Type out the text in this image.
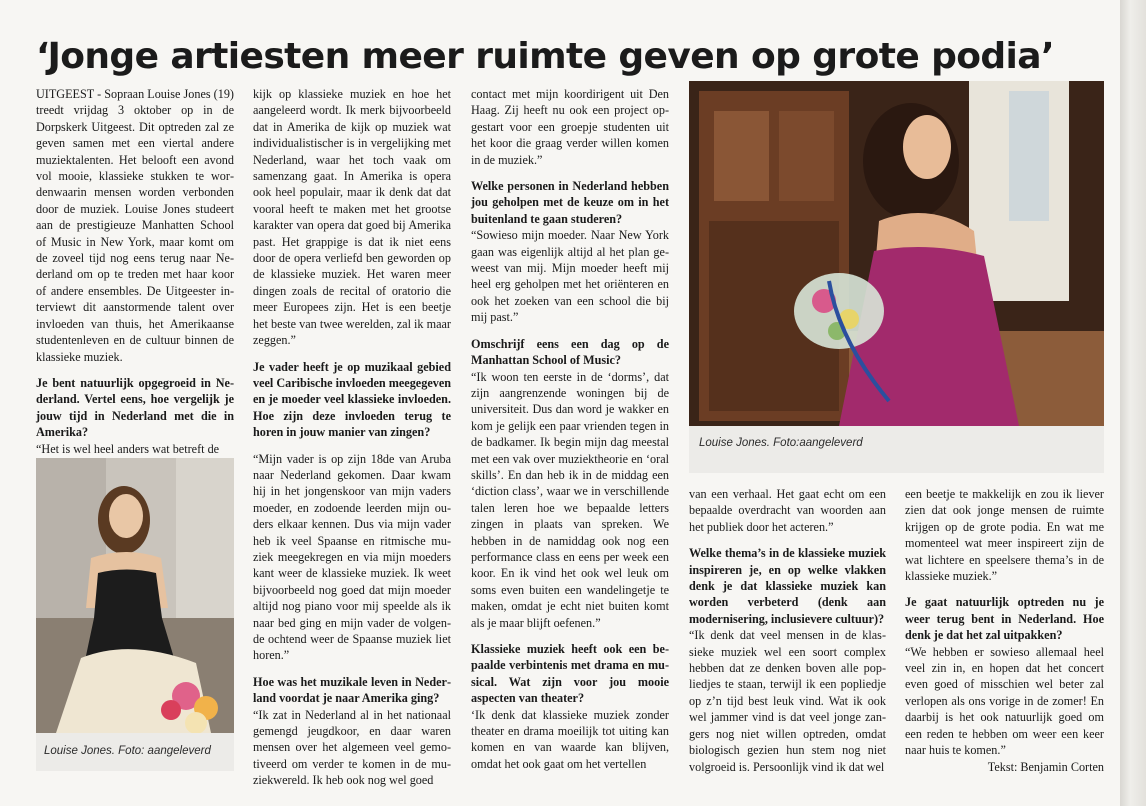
‘Jonge artiesten meer ruimte geven op grote podia’

UITGEEST - Sopraan Louise Jones (19) treedt vrijdag 3 oktober op in de Dorpskerk Uitgeest. Dit optreden zal ze geven samen met een viertal andere muziektalenten. Het belooft een avond vol mooie, klassieke stukken te wordenwaarin mensen worden verbonden door de muziek. Louise Jones studeert aan de prestigieuze Manhatten School of Music in New York, maar komt om de zoveel tijd nog eens terug naar Nederland om op te treden met haar koor of andere ensembles. De Uitgeester interviewt dit aanstormende talent over invloeden van thuis, het Amerikaanse studentenleven en de cultuur binnen de klassieke muziek.

Je bent natuurlijk opgegroeid in Nederland. Vertel eens, hoe vergelijk je jouw tijd in Nederland met die in Amerika?

“Het is wel heel anders wat betreft de

Louise Jones. Foto: aangeleverd

kijk op klassieke muziek en hoe het aangeleerd wordt. Ik merk bijvoorbeeld dat in Amerika de kijk op muziek wat individualistischer is in vergelijking met Nederland, waar het toch vaak om samenzang gaat. In Amerika is opera ook heel populair, maar ik denk dat dat vooral heeft te maken met het grootse karakter van opera dat goed bij Amerika past. Het grappige is dat ik niet eens door de opera verliefd ben geworden op de klassieke muziek. Het waren meer dingen zoals de recital of oratorio die meer Europees zijn. Het is een beetje het beste van twee werelden, zal ik maar zeggen.”

Je vader heeft je op muzikaal gebied veel Caribische invloeden meegegeven en je moeder veel klassieke invloeden. Hoe zijn deze invloeden terug te horen in jouw manier van zingen?

“Mijn vader is op zijn 18de van Aruba naar Nederland gekomen. Daar kwam hij in het jongenskoor van mijn vaders moeder, en zodoende leerden mijn ouders elkaar kennen. Dus via mijn vader heb ik veel Spaanse en ritmische muziek meegekregen en via mijn moeders kant weer de klassieke muziek. Ik weet bijvoorbeeld nog goed dat mijn moeder altijd nog piano voor mij speelde als ik naar bed ging en mijn vader de volgende ochtend weer de Spaanse muziek liet horen.”

Hoe was het muzikale leven in Nederland voordat je naar Amerika ging?

“Ik zat in Nederland al in het nationaal gemengd jeugdkoor, en daar waren mensen over het algemeen veel gemotiveerd om verder te komen in de muziekwereld. Ik heb ook nog wel goed

contact met mijn koordirigent uit Den Haag. Zij heeft nu ook een project opgestart voor een groepje studenten uit het koor die graag verder willen komen in de muziek.”

Welke personen in Nederland hebben jou geholpen met de keuze om in het buitenland te gaan studeren?

“Sowieso mijn moeder. Naar New York gaan was eigenlijk altijd al het plan geweest van mij. Mijn moeder heeft mij heel erg geholpen met het oriënteren en ook het zoeken van een school die bij mij past.”

Omschrijf eens een dag op de Manhattan School of Music?

“Ik woon ten eerste in de ‘dorms’, dat zijn aangrenzende woningen bij de universiteit. Dus dan word je wakker en kom je gelijk een paar vrienden tegen in de badkamer. Ik begin mijn dag meestal met een vak over muziektheorie en ‘oral skills’. En dan heb ik in de middag een ‘diction class’, waar we in verschillende talen leren hoe we bepaalde letters zingen in plaats van spreken. We hebben in de namiddag ook nog een performance class en eens per week een koor. En ik vind het ook wel leuk om soms even buiten een wandelingetje te maken, omdat je echt niet buiten komt als je maar blijft oefenen.”

Klassieke muziek heeft ook een bepaalde verbintenis met drama en musical. Wat zijn voor jou mooie aspecten van theater?

‘Ik denk dat klassieke muziek zonder theater en drama moeilijk tot uiting kan komen en van waarde kan blijven, omdat het ook gaat om het vertellen

Louise Jones. Foto:aangeleverd

van een verhaal. Het gaat echt om een bepaalde overdracht van woorden aan het publiek door het acteren.”

Welke thema’s in de klassieke muziek inspireren je, en op welke vlakken denk je dat klassieke muziek kan worden verbeterd (denk aan modernisering, inclusievere cultuur)?

“Ik denk dat veel mensen in de klassieke muziek wel een soort complex hebben dat ze denken boven alle popliedjes te staan, terwijl ik een popliedje op z’n tijd best leuk vind. Wat ik ook wel jammer vind is dat veel jonge zangers nog niet willen optreden, omdat biologisch gezien hun stem nog niet volgroeid is. Persoonlijk vind ik dat wel

een beetje te makkelijk en zou ik liever zien dat ook jonge mensen de ruimte krijgen op de grote podia. En wat me momenteel wat meer inspireert zijn de wat lichtere en speelsere thema’s in de klassieke muziek.”

Je gaat natuurlijk optreden nu je weer terug bent in Nederland. Hoe denk je dat het zal uitpakken?

“We hebben er sowieso allemaal heel veel zin in, en hopen dat het concert even goed of misschien wel beter zal verlopen als ons vorige in de zomer! En daarbij is het ook natuurlijk goed om een reden te hebben om weer een keer naar huis te komen.”

Tekst: Benjamin Corten
